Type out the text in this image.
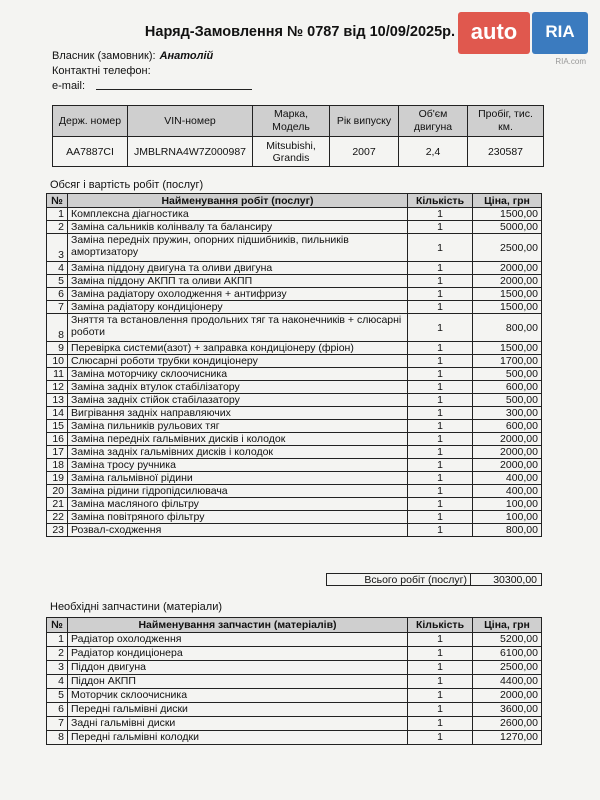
Наряд-Замовлення № 0787 від 10/09/2025р. auto	RIA
RIA.com
Власник (замовник): Анатолій
Контактні телефон:
e-mail:
Держ. номер	VIN-номер	Марка, Модель	Рік випуску	Об'єм двигуна	Пробіг, тис. км.
AA7887CI	JMBLRNA4W7Z000987	Mitsubishi, Grandis	2007	2,4	230587
Обсяг і вартість робіт (послуг)
№	Найменування робіт (послуг)	Кількість	Ціна, грн
1	Комплексна діагностика	1	1500,00
2	Заміна сальників колінвалу та балансиру	1	5000,00
3	Заміна передніх пружин, опорних підшибників, пильників амортизатору	1	2500,00
4	Заміна піддону двигуна та оливи двигуна	1	2000,00
5	Заміна піддону АКПП та оливи АКПП	1	2000,00
6	Заміна радіатору охолодження + антифризу	1	1500,00
7	Заміна радіатору кондиціонеру	1	1500,00
8	Зняття та встановлення продольних тяг та наконечників + слюсарні роботи	1	800,00
9	Перевірка системи(азот) + заправка кондиціонеру (фріон)	1	1500,00
10	Слюсарні роботи трубки кондиціонеру	1	1700,00
11	Заміна моторчику склоочисника	1	500,00
12	Заміна задніх втулок стабілізатору	1	600,00
13	Заміна задніх стійок стабілазатору	1	500,00
14	Вигрівання задніх направляючих	1	300,00
15	Заміна пильників рульових тяг	1	600,00
16	Заміна передніх гальмівних дисків і колодок	1	2000,00
17	Заміна задніх гальмівних дисків і колодок	1	2000,00
18	Заміна тросу ручника	1	2000,00
19	Заміна гальмівної рідини	1	400,00
20	Заміна рідини гідропідсилювача	1	400,00
21	Заміна масляного фільтру	1	100,00
22	Заміна повітряного фільтру	1	100,00
23	Розвал-сходження	1	800,00
Всього робіт (послуг)	30300,00
Необхідні запчастини (матеріали)
№	Найменування запчастин (матеріалів)	Кількість	Ціна, грн
1	Радіатор охолодження	1	5200,00
2	Радіатор кондиціонера	1	6100,00
3	Піддон двигуна	1	2500,00
4	Піддон АКПП	1	4400,00
5	Моторчик склоочисника	1	2000,00
6	Передні гальмівні диски	1	3600,00
7	Задні гальмівні диски	1	2600,00
8	Передні гальмівні колодки	1	1270,00
